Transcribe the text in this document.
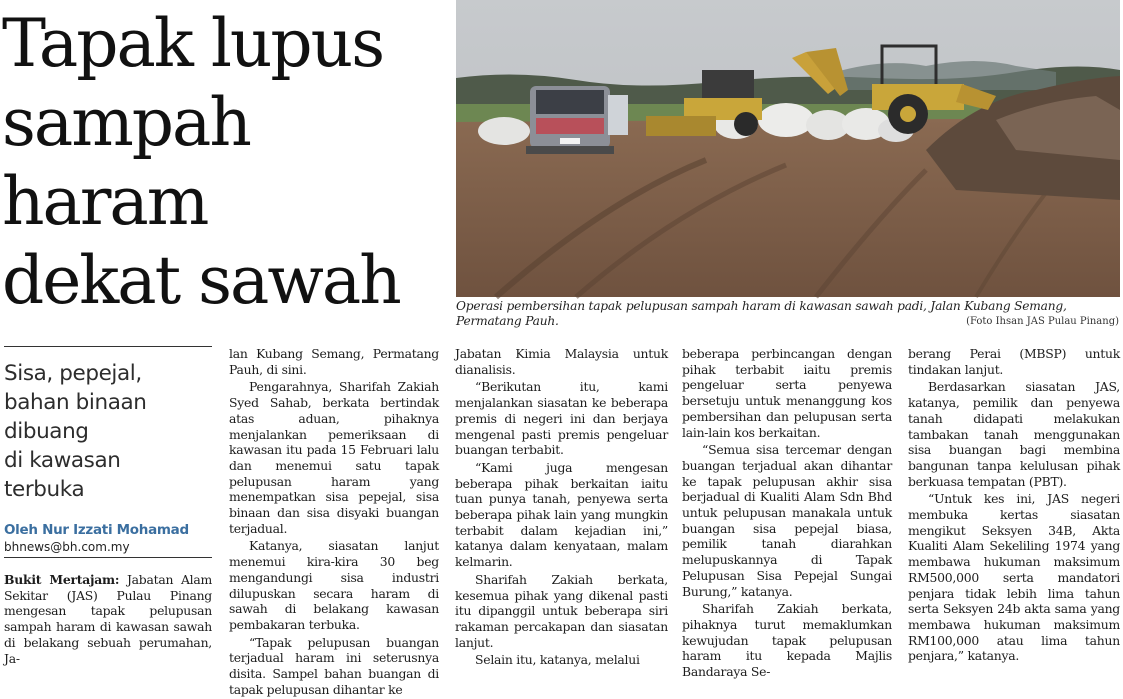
Tapak lupus
sampah
haram
dekat sawah	Operasi pembersihan tapak pelupusan sampah haram di kawasan sawah padi, Jalan Kubang Semang, Permatang Pauh.	(Foto Ihsan JAS Pulau Pinang)
Sisa, pepejal,
bahan binaan
dibuang
di kawasan
terbuka
Oleh Nur Izzati Mohamad
bhnews@bh.com.my

Bukit Mertajam: Jabatan Alam Sekitar (JAS) Pulau Pinang mengesan tapak pelupusan sampah haram di kawasan sawah di belakang sebuah perumahan, Ja-

lan Kubang Semang, Permatang Pauh, di sini.

Pengarahnya, Sharifah Zakiah Syed Sahab, berkata bertindak atas aduan, pihaknya menjalankan pemeriksaan di kawasan itu pada 15 Februari lalu dan menemui satu tapak pelupusan haram yang menempatkan sisa pepejal, sisa binaan dan sisa disyaki buangan terjadual.

Katanya, siasatan lanjut menemui kira-kira 30 beg mengandungi sisa industri dilupuskan secara haram di sawah di belakang kawasan pembakaran terbuka.

“Tapak pelupusan buangan terjadual haram ini seterusnya disita. Sampel bahan buangan di tapak pelupusan dihantar ke

Jabatan Kimia Malaysia untuk dianalisis.

“Berikutan itu, kami menjalankan siasatan ke beberapa premis di negeri ini dan berjaya mengenal pasti premis pengeluar buangan terbabit.

“Kami juga mengesan beberapa pihak berkaitan iaitu tuan punya tanah, penyewa serta beberapa pihak lain yang mungkin terbabit dalam kejadian ini,” katanya dalam kenyataan, malam kelmarin.

Sharifah Zakiah berkata, kesemua pihak yang dikenal pasti itu dipanggil untuk beberapa siri rakaman percakapan dan siasatan lanjut.

Selain itu, katanya, melalui

beberapa perbincangan dengan pihak terbabit iaitu premis pengeluar serta penyewa bersetuju untuk menanggung kos pembersihan dan pelupusan serta lain-lain kos berkaitan.

“Semua sisa tercemar dengan buangan terjadual akan dihantar ke tapak pelupusan akhir sisa berjadual di Kualiti Alam Sdn Bhd untuk pelupusan manakala untuk buangan sisa pepejal biasa, pemilik tanah diarahkan melupuskannya di Tapak Pelupusan Sisa Pepejal Sungai Burung,” katanya.

Sharifah Zakiah berkata, pihaknya turut memaklumkan kewujudan tapak pelupusan haram itu kepada Majlis Bandaraya Se-

berang Perai (MBSP) untuk tindakan lanjut.

Berdasarkan siasatan JAS, katanya, pemilik dan penyewa tanah didapati melakukan tambakan tanah menggunakan sisa buangan bagi membina bangunan tanpa kelulusan pihak berkuasa tempatan (PBT).

“Untuk kes ini, JAS negeri membuka kertas siasatan mengikut Seksyen 34B, Akta Kualiti Alam Sekeliling 1974 yang membawa hukuman maksimum RM500,000 serta mandatori penjara tidak lebih lima tahun serta Seksyen 24b akta sama yang membawa hukuman maksimum RM100,000 atau lima tahun penjara,” katanya.
